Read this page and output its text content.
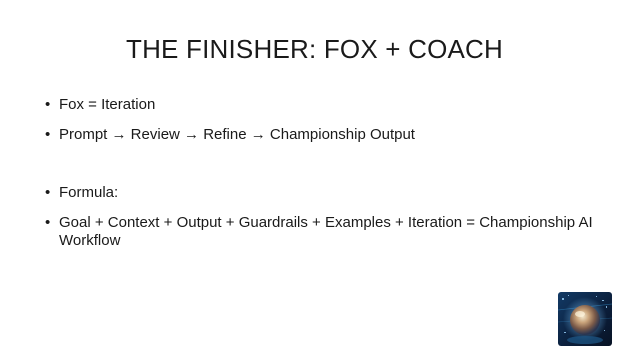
THE FINISHER: FOX + COACH
• Fox = Iteration
• Prompt → Review → Refine → Championship Output
• Formula:
• Goal + Context + Output + Guardrails + Examples + Iteration = Championship AI Workflow
